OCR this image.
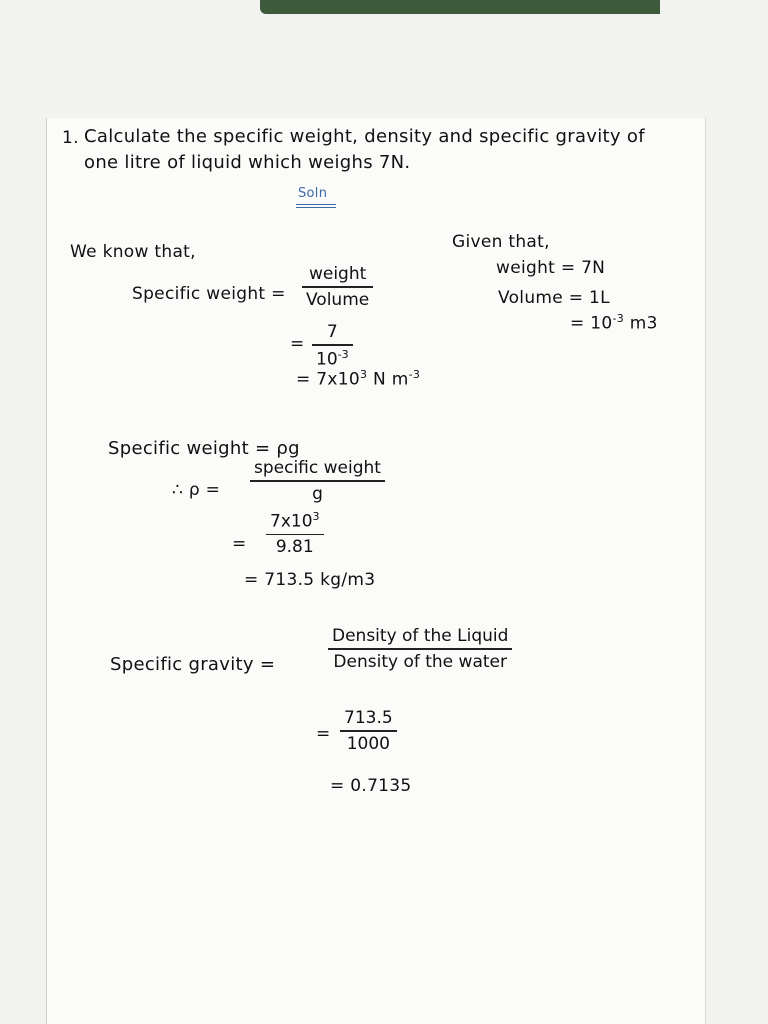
1. Calculate the specific weight, density and specific gravity of
one litre of liquid which weighs 7N.
Soln
We know that,
Specific weight =
weight
Volume
=
7
$10^{-3}$
= $7x10^3$ N $m^{-3}$
Given that,
weight = 7N
Volume = 1L
= $10^{-3}$ m3
Specific weight = ρg
∴ ρ =
specific weight
g
=
$7x10^3$
9.81
= 713.5 kg/m3
Specific gravity =
Density of the Liquid
Density of the water
=
713.5
1000
= 0.7135
